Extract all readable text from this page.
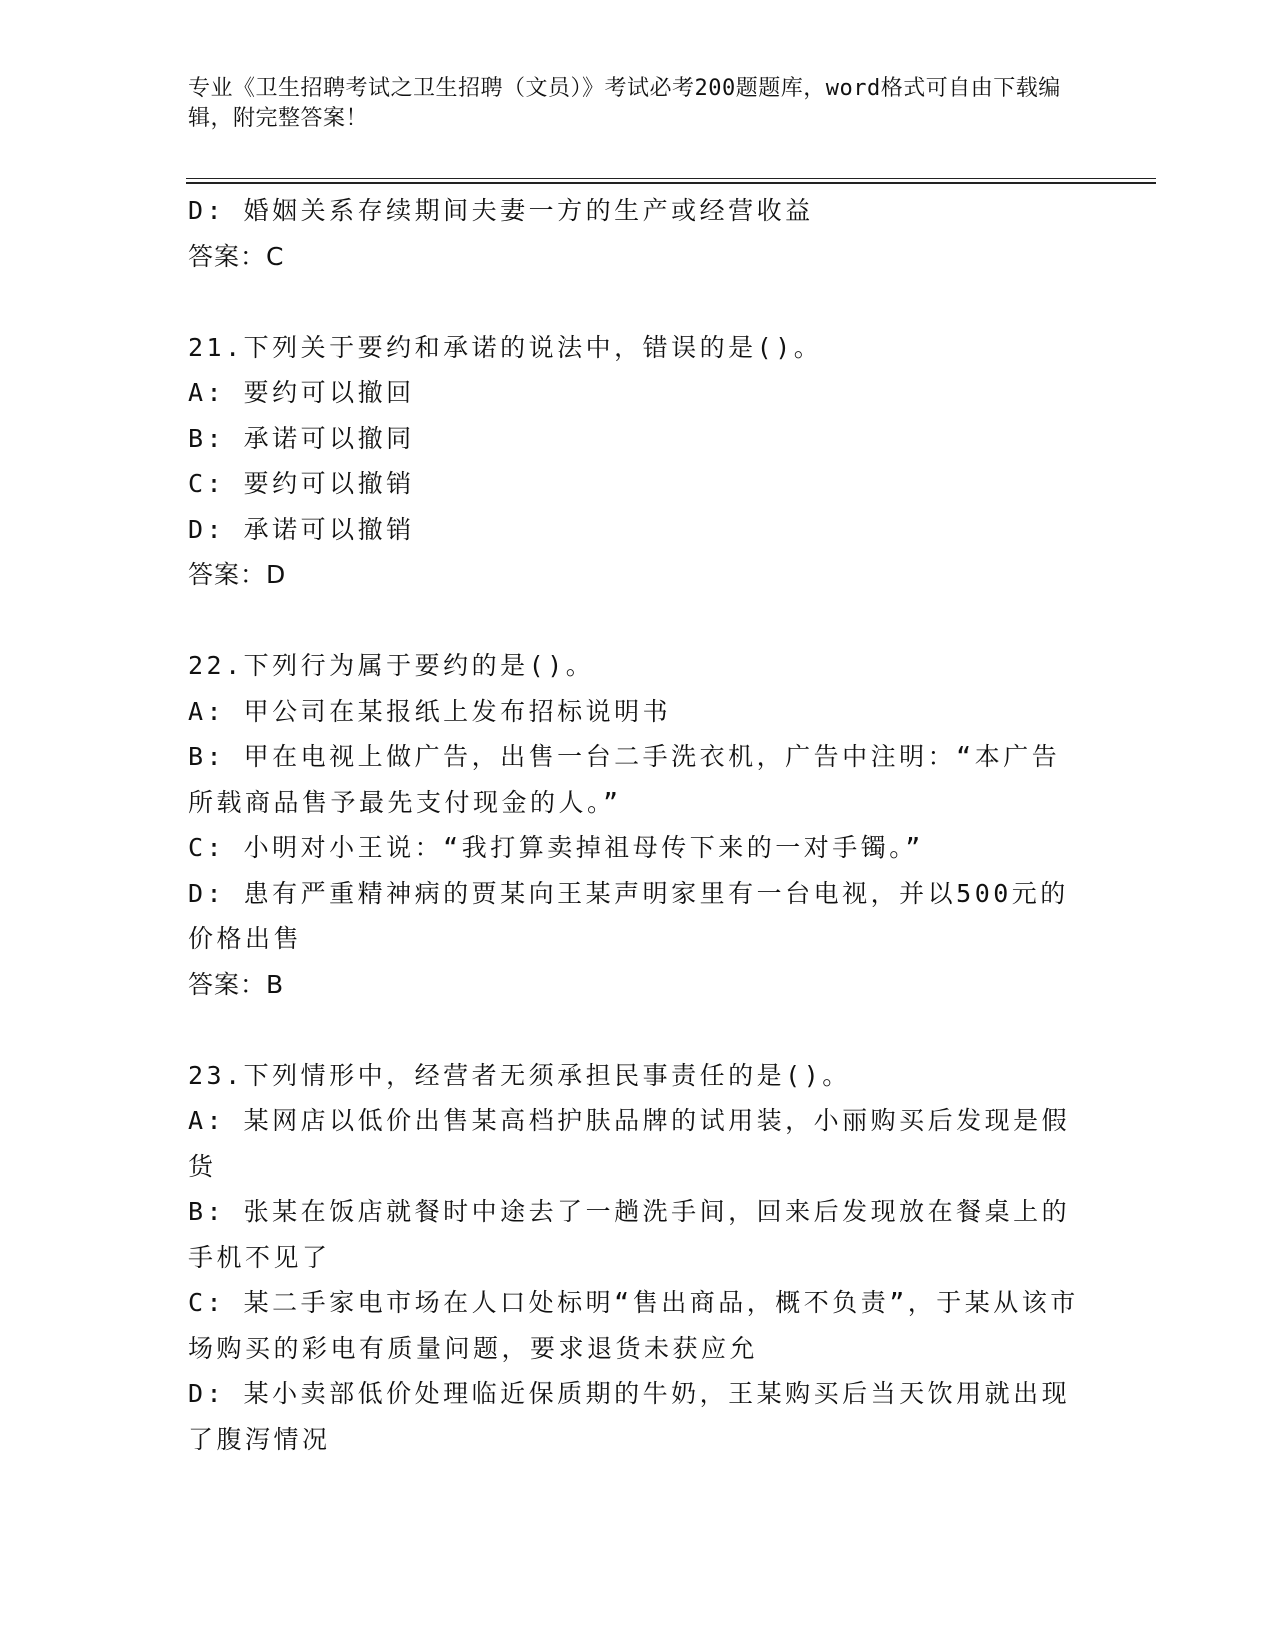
专业《卫生招聘考试之卫生招聘（文员）》考试必考200题题库，word格式可自由下载编辑，附完整答案！
D: 婚姻关系存续期间夫妻一方的生产或经营收益
答案：C
21.下列关于要约和承诺的说法中，错误的是()。
A: 要约可以撤回
B: 承诺可以撤同
C: 要约可以撤销
D: 承诺可以撤销
答案：D
22.下列行为属于要约的是()。
A: 甲公司在某报纸上发布招标说明书
B: 甲在电视上做广告，出售一台二手洗衣机，广告中注明：“本广告所载商品售予最先支付现金的人。”
C: 小明对小王说：“我打算卖掉祖母传下来的一对手镯。”
D: 患有严重精神病的贾某向王某声明家里有一台电视，并以500元的价格出售
答案：B
23.下列情形中，经营者无须承担民事责任的是()。
A: 某网店以低价出售某高档护肤品牌的试用装，小丽购买后发现是假货
B: 张某在饭店就餐时中途去了一趟洗手间，回来后发现放在餐桌上的手机不见了
C: 某二手家电市场在人口处标明“售出商品，概不负责”，于某从该市场购买的彩电有质量问题，要求退货未获应允
D: 某小卖部低价处理临近保质期的牛奶，王某购买后当天饮用就出现了腹泻情况
